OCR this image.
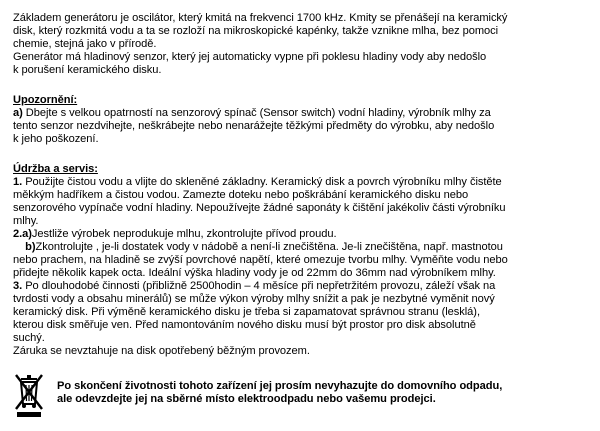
Základem generátoru je oscilátor, který kmitá na frekvenci 1700 kHz. Kmity se přenášejí na keramický
disk, který rozkmitá vodu a ta se rozloží na mikroskopické kapénky, takže vznikne mlha, bez pomoci
chemie, stejná jako v přírodě.
Generátor má hladinový senzor, který jej automaticky vypne při poklesu hladiny vody aby nedošlo
k porušení keramického disku.
Upozornění:
a) Dbejte s velkou opatrností na senzorový spínač (Sensor switch) vodní hladiny, výrobník mlhy za
tento senzor nezdvihejte, neškrábejte nebo nenarážejte těžkými předměty do výrobku, aby nedošlo
k jeho poškození.
Údržba a servis:
1. Použijte čistou vodu a vlijte do skleněné základny. Keramický disk a povrch výrobníku mlhy čistěte
měkkým hadříkem a čistou vodou. Zamezte doteku nebo poškrábání keramického disku nebo
senzorového vypínače vodní hladiny. Nepoužívejte žádné saponáty k čištění jakékoliv části výrobníku
mlhy.
2.a)Jestliže výrobek neprodukuje mlhu, zkontrolujte přívod proudu.
b)Zkontrolujte , je-li dostatek vody v nádobě a není-li znečištěna. Je-li znečištěna, např. mastnotou
nebo prachem, na hladině se zvýší povrchové napětí, které omezuje tvorbu mlhy. Vyměňte vodu nebo
přidejte několik kapek octa. Ideální výška hladiny vody je od 22mm do 36mm nad výrobníkem mlhy.
3. Po dlouhodobé činnosti (přibližně 2500hodin – 4 měsíce při nepřetržitém provozu, záleží však na
tvrdosti vody a obsahu minerálů) se může výkon výroby mlhy snížit a pak je nezbytné vyměnit nový
keramický disk. Při výměně keramického disku je třeba si zapamatovat správnou stranu (lesklá),
kterou disk směřuje ven. Před namontováním nového disku musí být prostor pro disk absolutně
suchý.
Záruka se nevztahuje na disk opotřebený běžným provozem.
Po skončení životnosti tohoto zařízení jej prosím nevyhazujte do domovního odpadu,
ale odevzdejte jej na sběrné místo elektroodpadu nebo vašemu prodejci.
